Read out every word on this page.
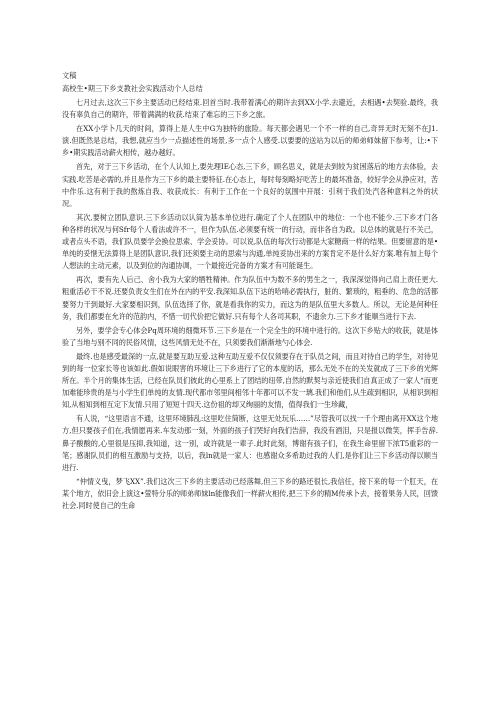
文稿
高校生•期三下乡支教社会实践活动个人总结

七月过去,这次三下乡主要活动已经结束.回首当时.我带着满心的期许去到XX小学.去避近，去相遇•去契验.最终，我没有辜负自己的期许，带着满满的收获.结束了难忘的三下乡之旅。

在XX小学卜几天的时间，算得上是人生中G为独特的旅险。每天都会遇见一个不一样的自己,奇异无时无刻不在J1.演.但既然是总结，我想,就应当少一点描述性的场景,多一点个人感受.以要要的送站为以后的师弟师妹留下参考，让:•下乡•期实践活动薪火相传，越办越好。

首先，对于三下乡活动，在个人认知上,要先理IE心态,三下乡，顾名思义，就是去到较为贫困落后的地方去体验，去实践.吃苦是必需的,并且是作为三下乡的最主要特征.在心态上，每时每刻略好吃苦上的最坏准备，较好学会从挣应对，苦中作乐.这有利于我的熬炼自我、收获成长：有利于工作在一个良好的氛围中开展：引利于我们处汽各种意料之外的状况。

其次,要树立团队意识.三下乡活动以认筒为基本单位进行.确定了个人在团队中的地位：一个也不能少.三下乡才门各种各样的状况与何Sfr每个人看法或许不一，但作为队伍.必须要有统一的行动，而非各自为政。以总体的就是行不关己，或者点头不语，我们队员要学会换位思索、学会妥协。可以说,队伍的每次行动都是大家糖商一样的结果。但要留意的是•单纯的妥惬无法算得上是团队意识,我们还须要主动的思索与沟通,单纯妥协出来的方案肯定不是什么好方案.唯有加上每个人想法的主动元素，以及到位的沟通协调，一个最接近完备的方案才有可能诞生。

再次，要有先人后己、舍小我为大家的牺牲精神。作为队伍中为数不多的男生之一，我深深觉得向己肩上责任更大.粗重活必干不说.还要负责女生们在外在内的平安.我深知.队伍下达的哈哨必需执行，脏的、繁琐的，粗垂的、危急的活都要努力干到最好.大家要相识到，队伍选择了你，就是看我你的实力，而这为的是队伍里大多数人。所以，无论是何种任务，我们都要在允许的范韵内，不惜一切代价把它做好.只有每个人各司其职，不遗余力.三下乡才能顺当进行下去.

另外，要学会专心体会Pq周环境的细微环节.三下乡是在一个完全生的环境中进行的。这次下乡贴大的收获，就是体验了当地与别不同的民俗风情，这些风情无处不在，只须要我们渐渐地勺心体会.

最终.也是感受最深的一点,就是要互助互爱.这种互助互爱不仅仅须要存在于队员之间，而且对待自己的学生，对待见到的每一位家长等也该如此.假如说眼害的环境让三下乡进行了它的本度的话，那么无处不在的关发就成了三下乡的光辉所在。半个月的集体生活，已经在队员们彼此的心里系上了团结的纽带,自然的默契与亲近使我们自真正成了一家人“而更加难能珍贵的是与小学生们单纯的友情.现代都市邻里间相邻十年都可以不发一璃.我们和他们,从生疏到相识，从相识到相知,从相知到相互定下友情.只用了短短十四天.这份祖的却又绚丽的友情，值得我们一生珍藏，

有人说，“这里语言不通，这里环境肺乱:这里吃住简断，这里无处玩乐……”尽管我可以找一千个理由离开XX这个地方,但只要孩子们在,我情愿再来.车发动那一刻，外面的孩子们哭好向我们告辞，我没有酒泪，只是报以微笑，挥手告辞.鼻子酸酸的,心里很是压抑,我知道，这一别，或许就是一辈子.此时此刻，博谢有孩子们，在我生命里留下浓T5重彩的一笔；感谢队员们的相互激励与支持，以后，我ln就是一家人：也感谢众多希助过我的人们,是你们让三下乡活动得以顺当进行.

“仲情义曳，梦飞XX”.我们这次三下乡的主要活动已经落舞,但三下乡的路还很长,我信任，接下来的每一个肛天，在某个地方，依旧会上演这•萤特分乐的师弟师妹ln能像我们一样薪火相传,把三下乡的精M传承卜去，接着果务人民，回馈社会.同时使自己的生命
